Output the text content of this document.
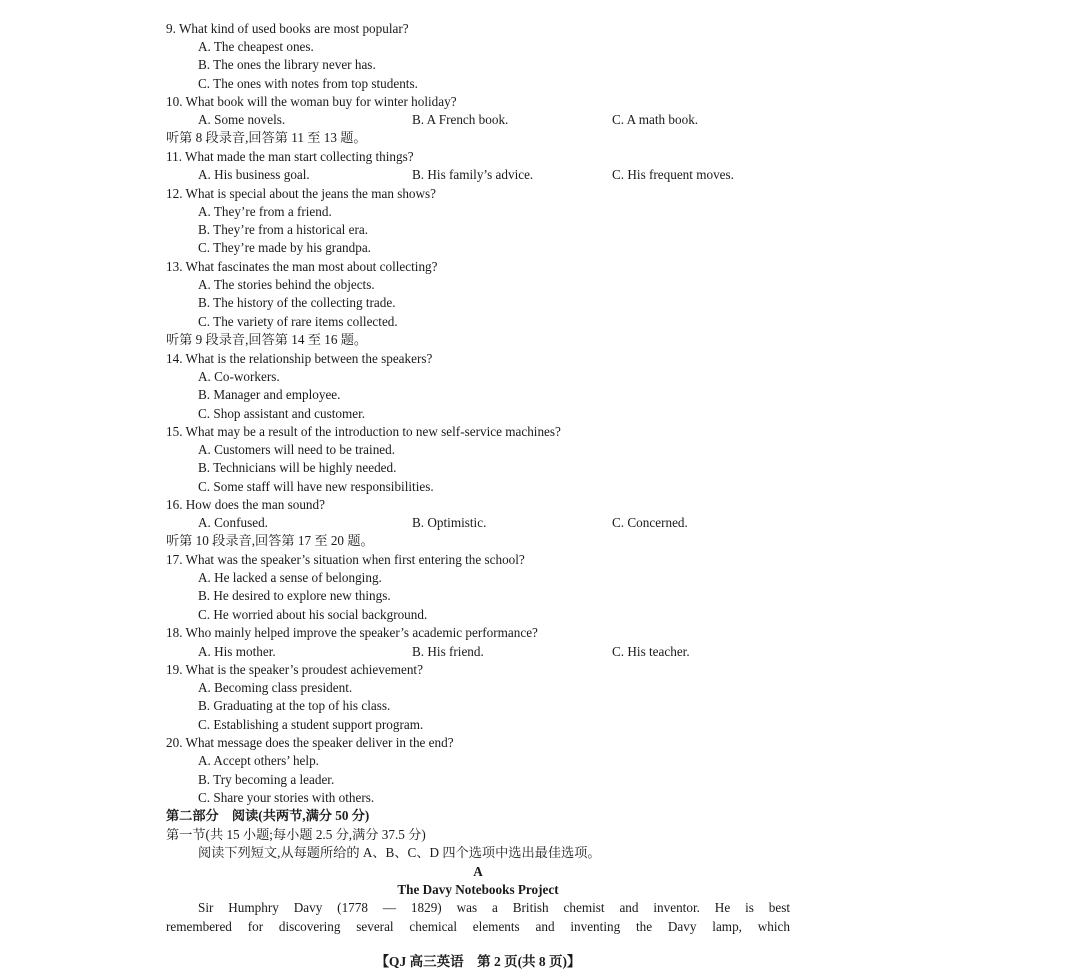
9. What kind of used books are most popular?
A. The cheapest ones.
B. The ones the library never has.
C. The ones with notes from top students.
10. What book will the woman buy for winter holiday?
A. Some novels.	B. A French book.	C. A math book.
听第 8 段录音,回答第 11 至 13 题。
11. What made the man start collecting things?
A. His business goal.	B. His family’s advice.	C. His frequent moves.
12. What is special about the jeans the man shows?
A. They’re from a friend.
B. They’re from a historical era.
C. They’re made by his grandpa.
13. What fascinates the man most about collecting?
A. The stories behind the objects.
B. The history of the collecting trade.
C. The variety of rare items collected.
听第 9 段录音,回答第 14 至 16 题。
14. What is the relationship between the speakers?
A. Co-workers.
B. Manager and employee.
C. Shop assistant and customer.
15. What may be a result of the introduction to new self-service machines?
A. Customers will need to be trained.
B. Technicians will be highly needed.
C. Some staff will have new responsibilities.
16. How does the man sound?
A. Confused.	B. Optimistic.	C. Concerned.
听第 10 段录音,回答第 17 至 20 题。
17. What was the speaker’s situation when first entering the school?
A. He lacked a sense of belonging.
B. He desired to explore new things.
C. He worried about his social background.
18. Who mainly helped improve the speaker’s academic performance?
A. His mother.	B. His friend.	C. His teacher.
19. What is the speaker’s proudest achievement?
A. Becoming class president.
B. Graduating at the top of his class.
C. Establishing a student support program.
20. What message does the speaker deliver in the end?
A. Accept others’ help.
B. Try becoming a leader.
C. Share your stories with others.
第二部分　阅读(共两节,满分 50 分)
第一节(共 15 小题;每小题 2.5 分,满分 37.5 分)
阅读下列短文,从每题所给的 A、B、C、D 四个选项中选出最佳选项。
A
The Davy Notebooks Project
Sir Humphry Davy (1778 — 1829) was a British chemist and inventor. He is best
remembered for discovering several chemical elements and inventing the Davy lamp, which
【QJ 高三英语　第 2 页(共 8 页)】
